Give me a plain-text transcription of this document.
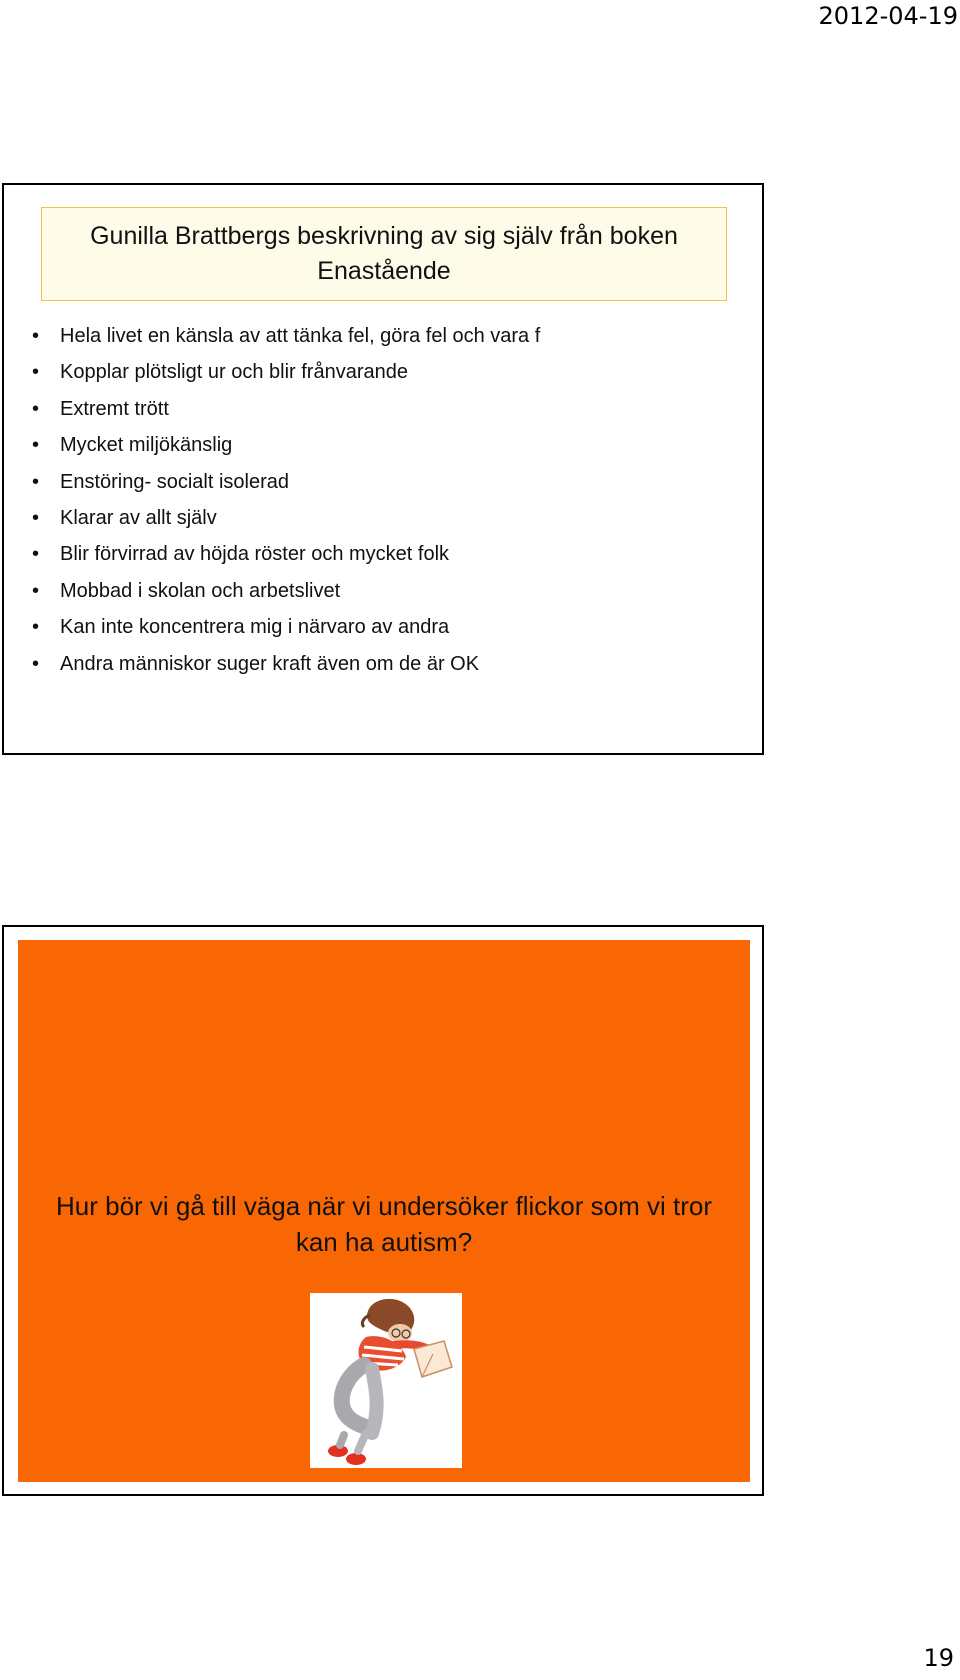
2012-04-19
Gunilla Brattbergs beskrivning av sig själv från boken
Enastående
• Hela livet en känsla av att tänka fel, göra fel och vara f
• Kopplar plötsligt ur och blir frånvarande
• Extremt trött
• Mycket miljökänslig
• Enstöring- socialt isolerad
• Klarar av allt själv
• Blir förvirrad av höjda röster och mycket folk
• Mobbad i skolan och arbetslivet
• Kan inte koncentrera mig i närvaro av andra
• Andra människor suger kraft även om de är OK
Hur bör vi gå till väga när vi undersöker flickor som vi tror
kan ha autism?
19
